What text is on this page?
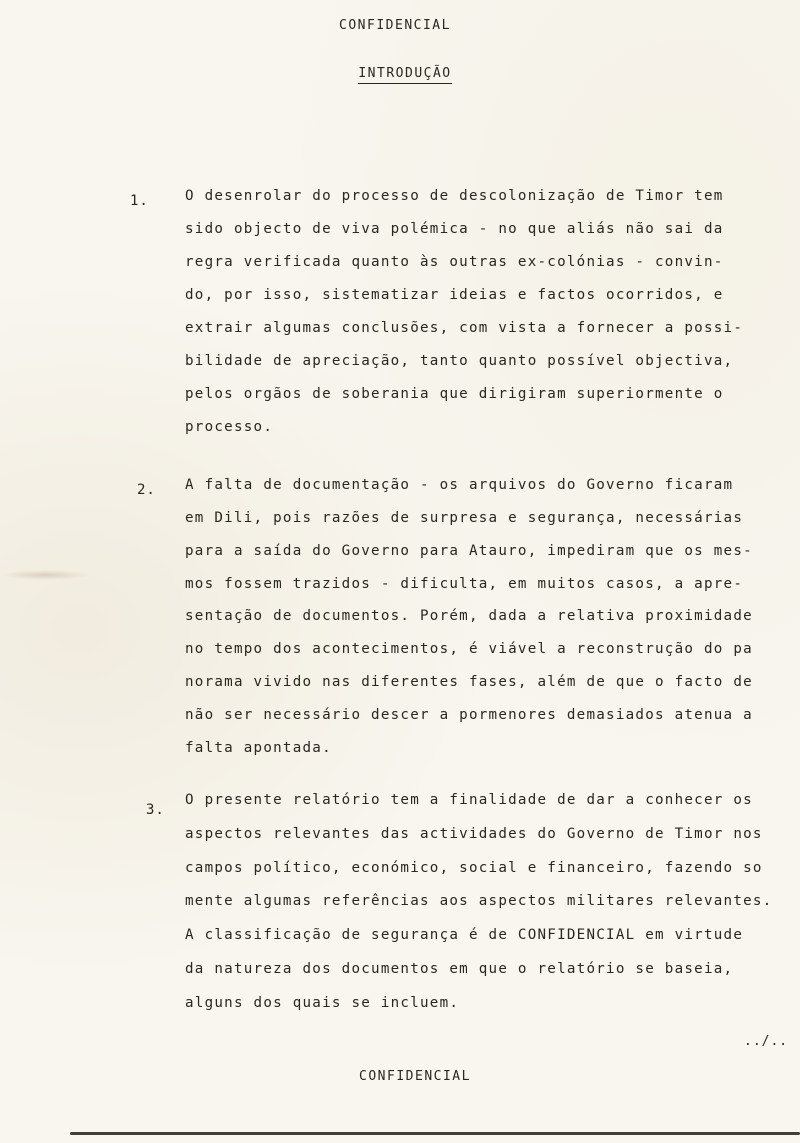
CONFIDENCIAL
INTRODUÇÃO
1.	O desenrolar do processo de descolonização de Timor tem
sido objecto de viva polémica - no que aliás não sai da
regra verificada quanto às outras ex-colónias - convin-
do, por isso, sistematizar ideias e factos ocorridos, e
extrair algumas conclusões, com vista a fornecer a possi-
bilidade de apreciação, tanto quanto possível objectiva,
pelos orgãos de soberania que dirigiram superiormente o
processo.
2. A falta de documentação - os arquivos do Governo ficaram
em Dili, pois razões de surpresa e segurança, necessárias
para a saída do Governo para Atauro, impediram que os mes-
mos fossem trazidos - dificulta, em muitos casos, a apre-
sentação de documentos. Porém, dada a relativa proximidade
no tempo dos acontecimentos, é viável a reconstrução do pa
norama vivido nas diferentes fases, além de que o facto de
não ser necessário descer a pormenores demasiados atenua a
falta apontada.
3.
O presente relatório tem a finalidade de dar a conhecer os
aspectos relevantes das actividades do Governo de Timor nos
campos político, económico, social e financeiro, fazendo so
mente algumas referências aos aspectos militares relevantes.
A classificação de segurança é de CONFIDENCIAL em virtude
da natureza dos documentos em que o relatório se baseia,
alguns dos quais se incluem.
../..
CONFIDENCIAL
